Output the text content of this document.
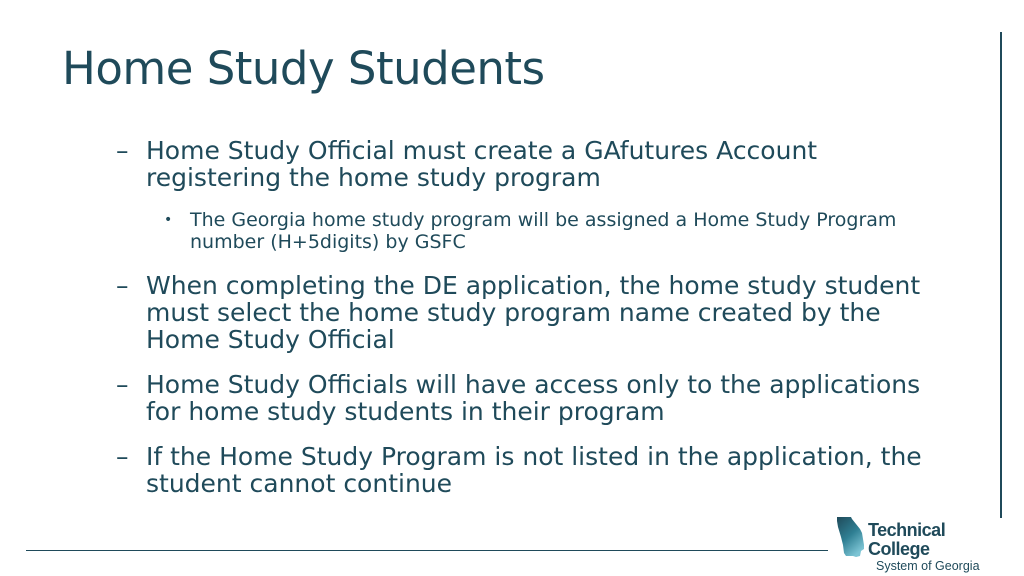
Home Study Students
– Home Study Official must create a GAfutures Account registering the home study program
• The Georgia home study program will be assigned a Home Study Program number (H+5digits) by GSFC
– When completing the DE application, the home study student must select the home study program name created by the Home Study Official
– Home Study Officials will have access only to the applications for home study students in their program
– If the Home Study Program is not listed in the application, the student cannot continue
Technical College
System of Georgia
